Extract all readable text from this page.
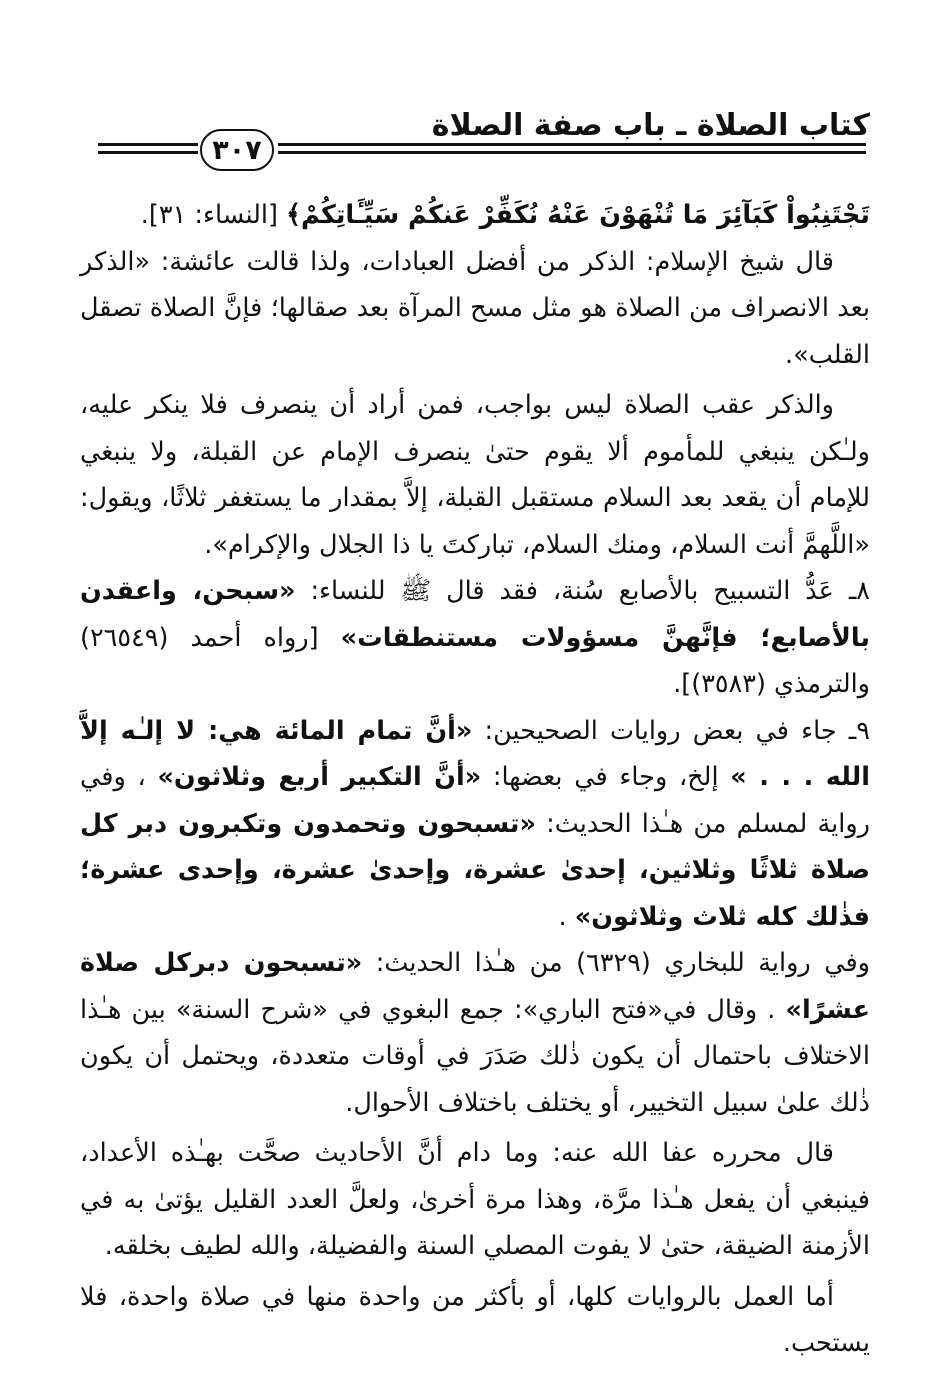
كتاب الصلاة ـ باب صفة الصلاة
٣٠٧

تَجْتَنِبُواْ كَبَآئِرَ مَا تُنْهَوْنَ عَنْهُ نُكَفِّرْ عَنكُمْ سَيِّـَٔاتِكُمْ﴾ [النساء: ٣١].

قال شيخ الإسلام: الذكر من أفضل العبادات، ولذا قالت عائشة: «الذكر بعد الانصراف من الصلاة هو مثل مسح المرآة بعد صقالها؛ فإنَّ الصلاة تصقل القلب».

والذكر عقب الصلاة ليس بواجب، فمن أراد أن ينصرف فلا ينكر عليه، ولـٰكن ينبغي للمأموم ألا يقوم حتىٰ ينصرف الإمام عن القبلة، ولا ينبغي للإمام أن يقعد بعد السلام مستقبل القبلة، إلاَّ بمقدار ما يستغفر ثلاثًا، ويقول: «اللَّهمَّ أنت السلام، ومنك السلام، تباركتَ يا ذا الجلال والإكرام».

٨ـ عَدُّ التسبيح بالأصابع سُنة، فقد قال ﷺ للنساء: «سبحن، واعقدن بالأصابع؛ فإنَّهنَّ مسؤولات مستنطقات» [رواه أحمد (٢٦٥٤٩) والترمذي (٣٥٨٣)].

٩ـ جاء في بعض روايات الصحيحين: «أنَّ تمام المائة هي: لا إلـٰه إلاَّ الله . . . » إلخ، وجاء في بعضها: «أنَّ التكبير أربع وثلاثون» ، وفي رواية لمسلم من هـٰذا الحديث: «تسبحون وتحمدون وتكبرون دبر كل صلاة ثلاثًا وثلاثين، إحدىٰ عشرة، وإحدىٰ عشرة، وإحدى عشرة؛ فذٰلك كله ثلاث وثلاثون» .

وفي رواية للبخاري (٦٣٢٩) من هـٰذا الحديث: «تسبحون دبركل صلاة عشرًا» . وقال في«فتح الباري»: جمع البغوي في «شرح السنة» بين هـٰذا الاختلاف باحتمال أن يكون ذٰلك صَدَرَ في أوقات متعددة، ويحتمل أن يكون ذٰلك علىٰ سبيل التخيير، أو يختلف باختلاف الأحوال.

قال محرره عفا الله عنه: وما دام أنَّ الأحاديث صحَّت بهـٰذه الأعداد، فينبغي أن يفعل هـٰذا مرَّة، وهذا مرة أخرىٰ، ولعلَّ العدد القليل يؤتىٰ به في الأزمنة الضيقة، حتىٰ لا يفوت المصلي السنة والفضيلة، والله لطيف بخلقه.

أما العمل بالروايات كلها، أو بأكثر من واحدة منها في صلاة واحدة، فلا يستحب.
